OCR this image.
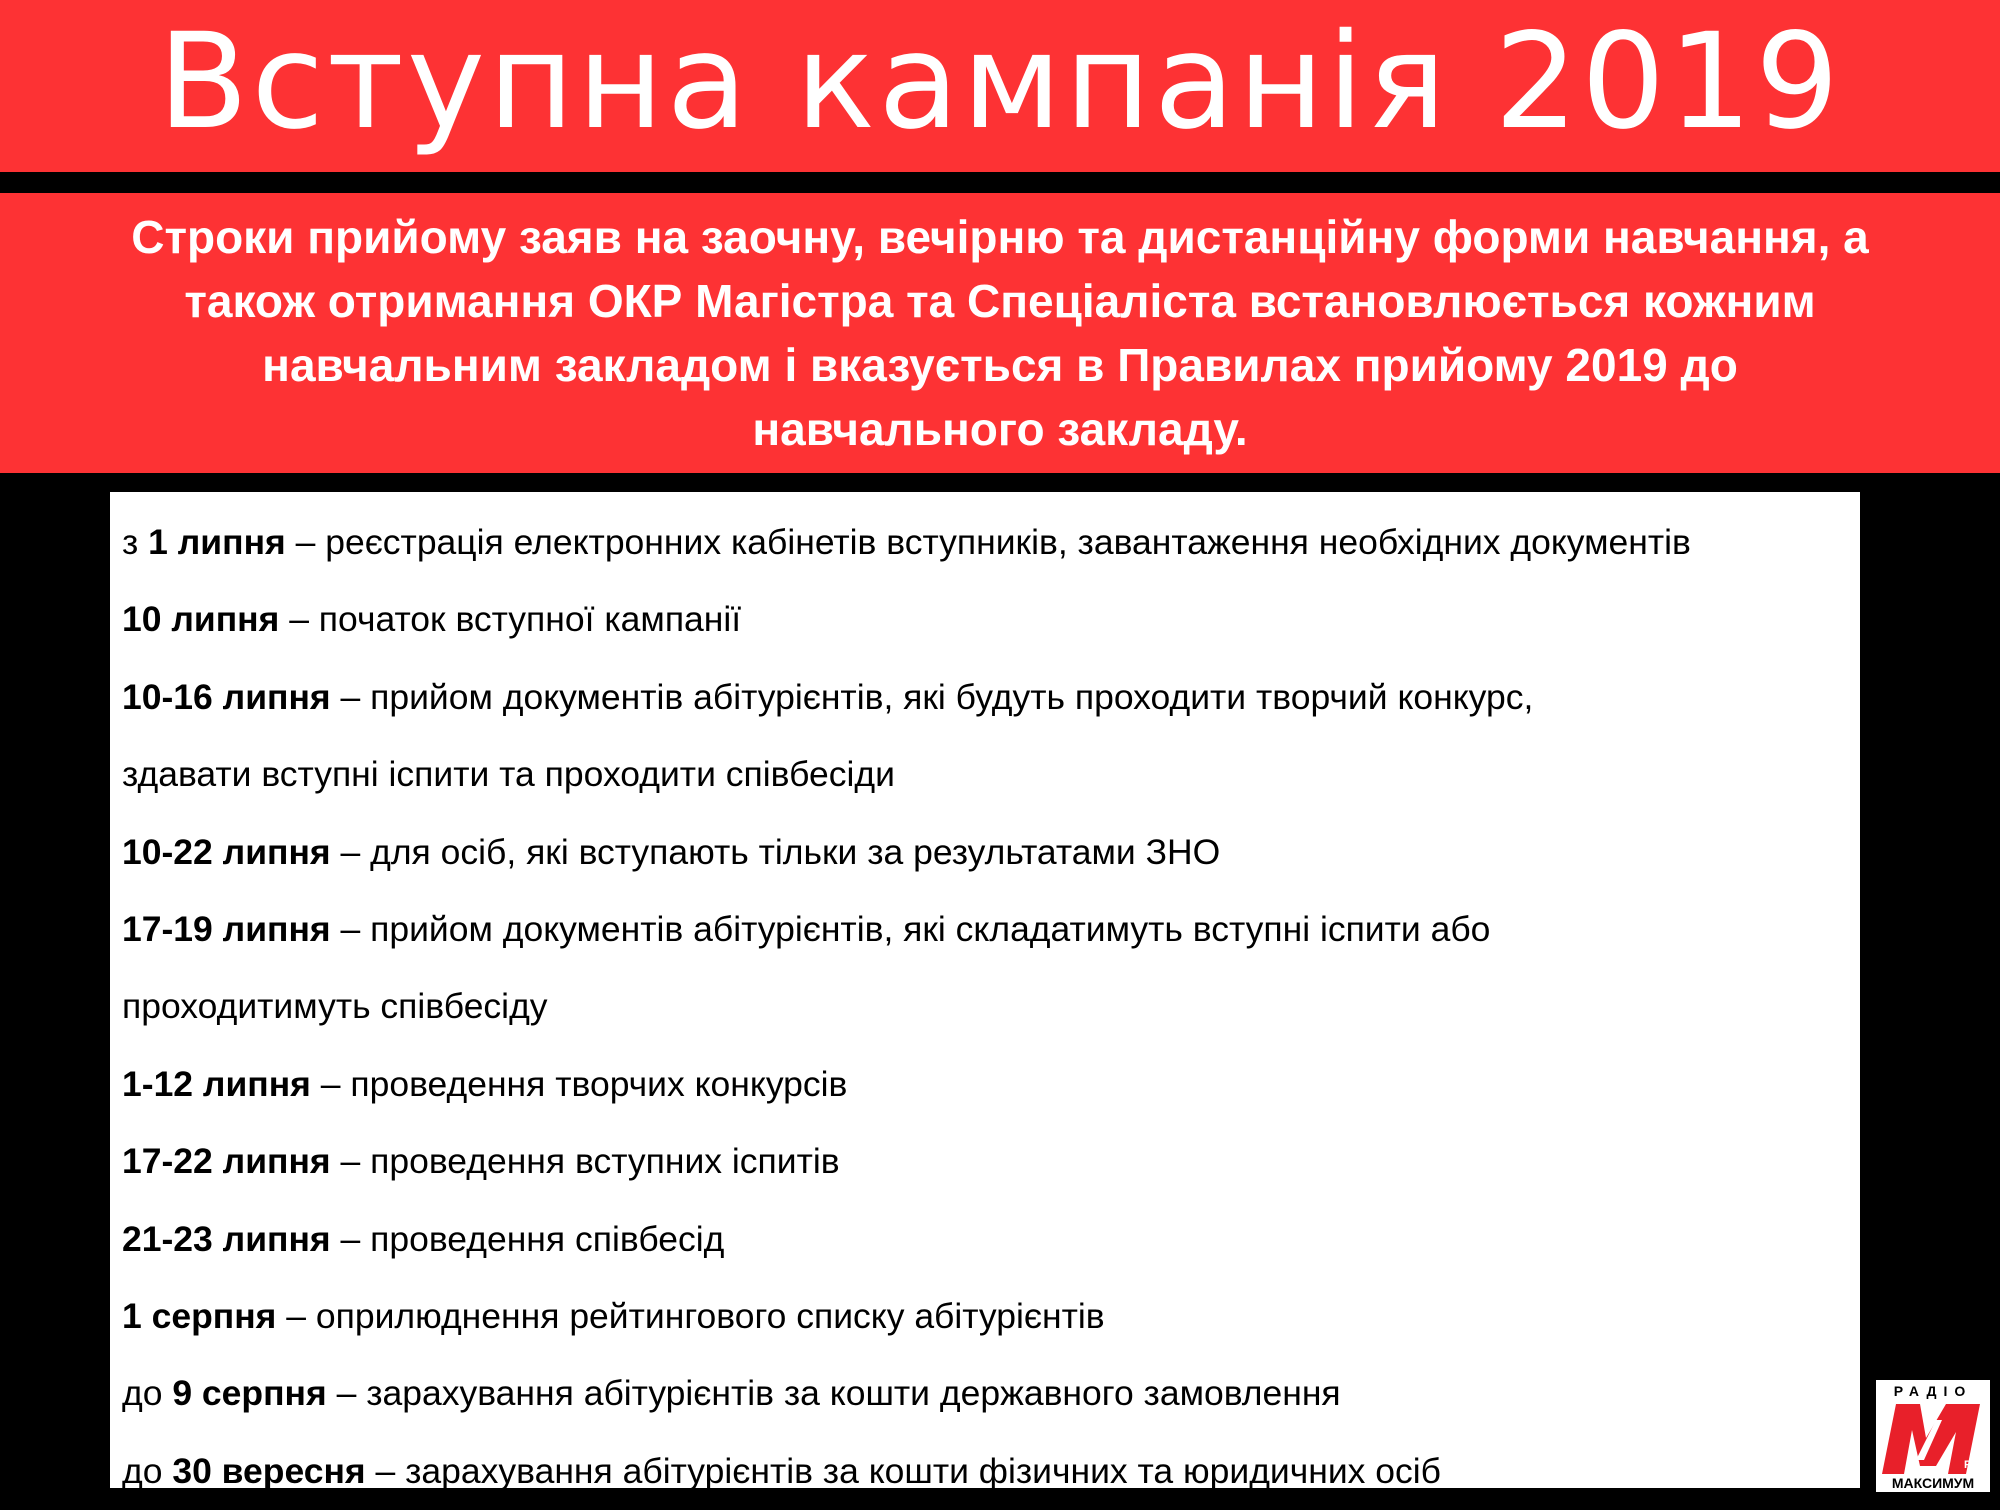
Вступна кампанія 2019
Строки прийому заяв на заочну, вечірню та дистанційну форми навчання, а також отримання ОКР Магістра та Спеціаліста встановлюється кожним навчальним закладом і вказується в Правилах прийому 2019 до навчального закладу.
з 1 липня – реєстрація електронних кабінетів вступників, завантаження необхідних документів
10 липня – початок вступної кампанії
10-16 липня – прийом документів абітурієнтів, які будуть проходити творчий конкурс,
здавати вступні іспити та проходити співбесіди
10-22 липня – для осіб, які вступають тільки за результатами ЗНО
17-19 липня – прийом документів абітурієнтів, які складатимуть вступні іспити або
проходитимуть співбесіду
1-12 липня – проведення творчих конкурсів
17-22 липня – проведення вступних іспитів
21-23 липня – проведення співбесід
1 серпня – оприлюднення рейтингового списку абітурієнтів
до 9 серпня – зарахування абітурієнтів за кошти державного замовлення
до 30 вересня – зарахування абітурієнтів за кошти фізичних та юридичних осіб
РАДІО
FM
МАКСИМУМ
